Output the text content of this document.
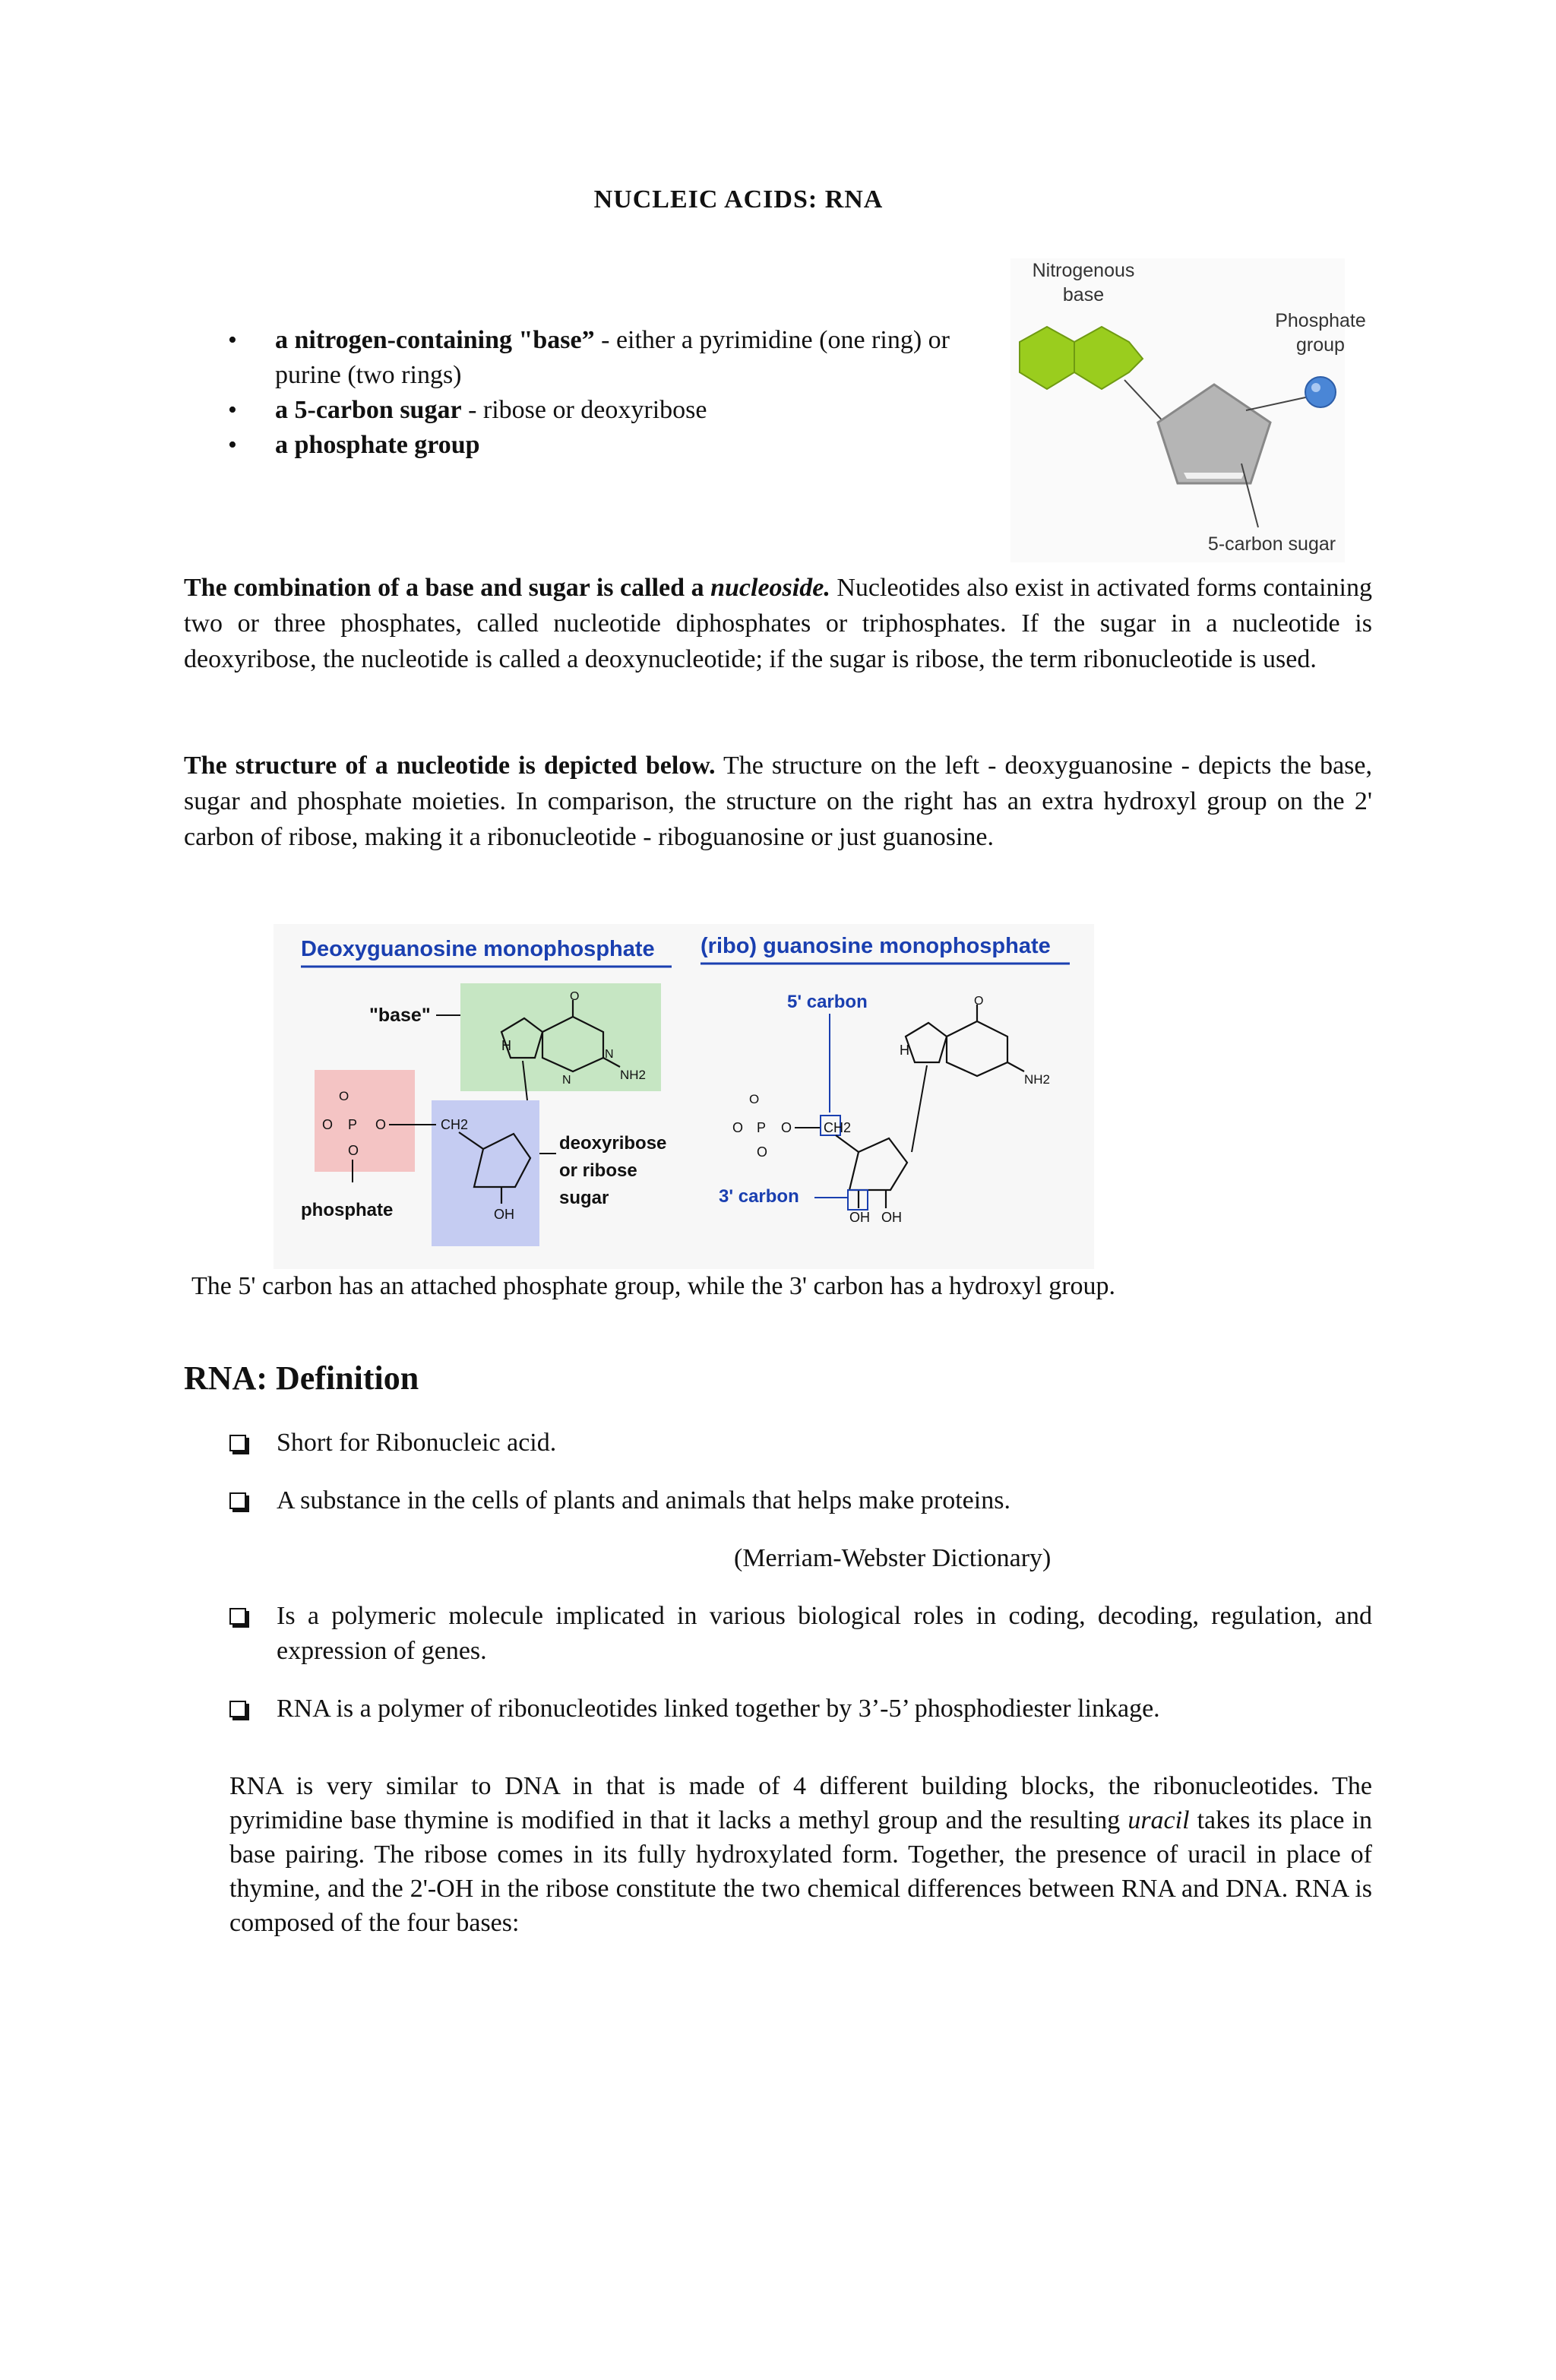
NUCLEIC ACIDS: RNA
• a nitrogen-containing "base” - either a pyrimidine (one ring) or purine (two rings)
• a 5-carbon sugar - ribose or deoxyribose
• a phosphate group
Nitrogenous
base
Phosphate
group
5-carbon sugar
The combination of a base and sugar is called a nucleoside. Nucleotides also exist in activated forms containing two or three phosphates, called nucleotide diphosphates or triphosphates. If the sugar in a nucleotide is deoxyribose, the nucleotide is called a deoxynucleotide; if the sugar is ribose, the term ribonucleotide is used.
The structure of a nucleotide is depicted below. The structure on the left - deoxyguanosine - depicts the base, sugar and phosphate moieties. In comparison, the structure on the right has an extra hydroxyl group on the 2' carbon of ribose, making it a ribonucleotide - riboguanosine or just guanosine.
Deoxyguanosine monophosphate (ribo) guanosine monophosphate
"base"
O
H
N
N	NH2
O
O P O
O
phosphate
CH2
OH
deoxyribose
or ribose
sugar
5' carbon	O
H
NH2
O
O P O
O
CH2
OH OH
3' carbon
The 5' carbon has an attached phosphate group, while the 3' carbon has a hydroxyl group.
RNA: Definition
Short for Ribonucleic acid.
A substance in the cells of plants and animals that helps make proteins.
(Merriam-Webster Dictionary)
Is a polymeric molecule implicated in various biological roles in coding, decoding, regulation, and expression of genes.
RNA is a polymer of ribonucleotides linked together by 3’-5’ phosphodiester linkage.
RNA is very similar to DNA in that is made of 4 different building blocks, the ribonucleotides. The pyrimidine base thymine is modified in that it lacks a methyl group and the resulting uracil takes its place in base pairing. The ribose comes in its fully hydroxylated form. Together, the presence of uracil in place of thymine, and the 2'-OH in the ribose constitute the two chemical differences between RNA and DNA. RNA is composed of the four bases:
